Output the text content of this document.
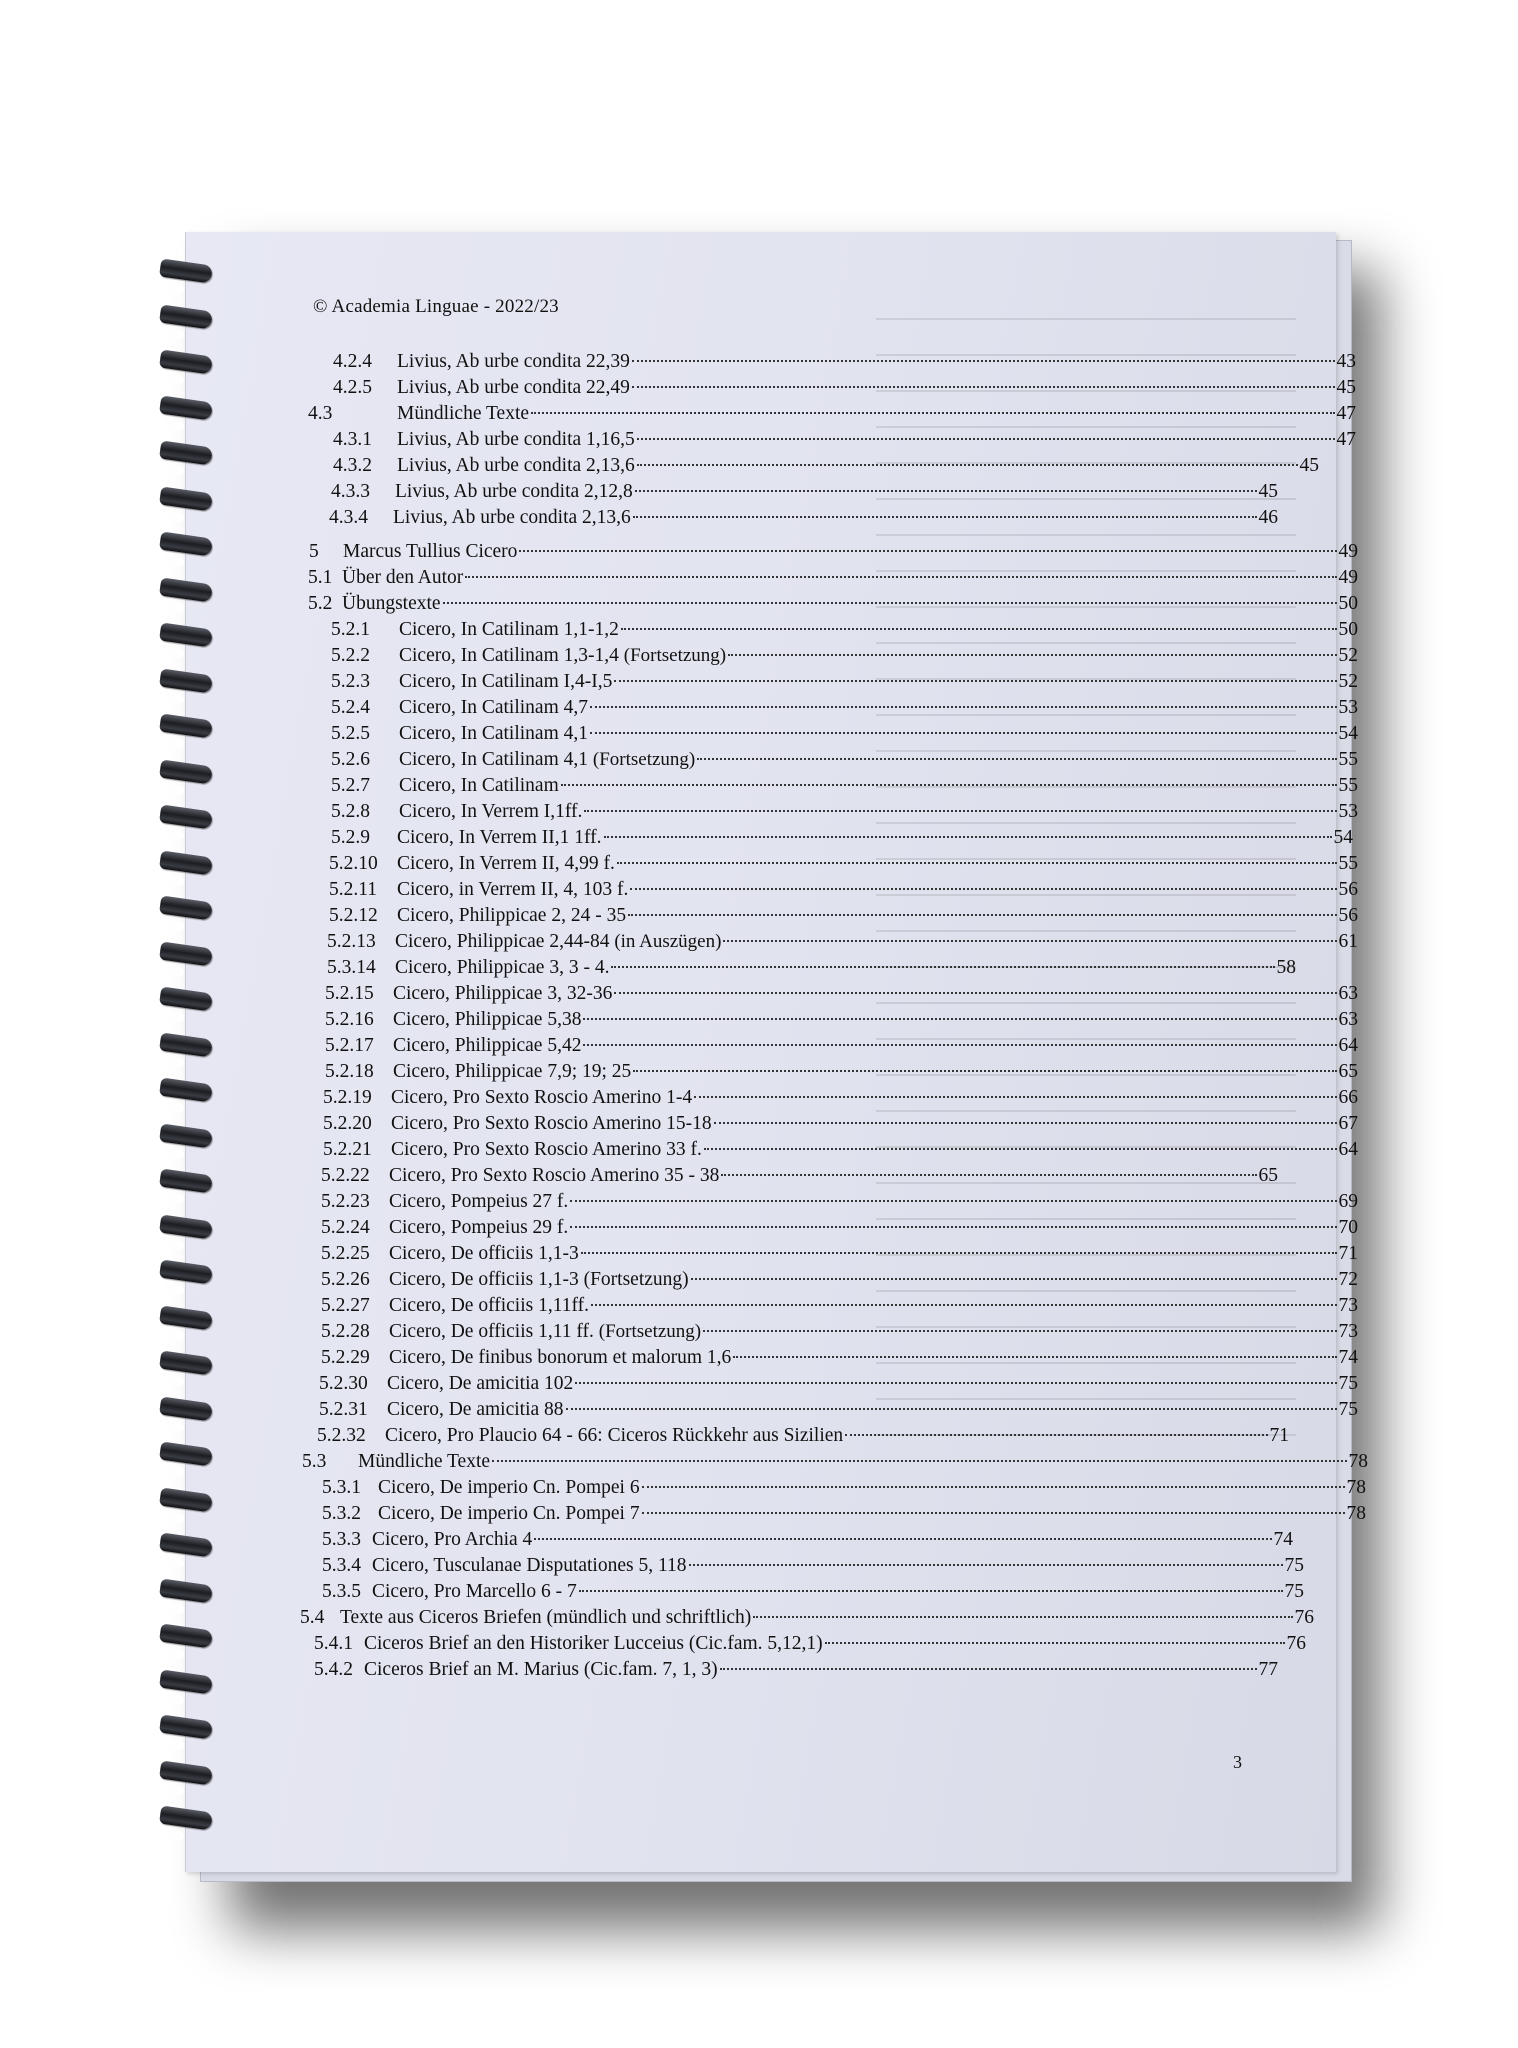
© Academia Linguae - 2022/23
4.2.4	Livius, Ab urbe condita 22,39	43
4.2.5	Livius, Ab urbe condita 22,49	45
4.3	Mündliche Texte	47
4.3.1	Livius, Ab urbe condita 1,16,5	47
4.3.2	Livius, Ab urbe condita 2,13,6	45
4.3.3	Livius, Ab urbe condita 2,12,8	45
4.3.4	Livius, Ab urbe condita 2,13,6	46
5	Marcus Tullius Cicero	49
5.1 Über den Autor	49
5.2 Übungstexte	50
5.2.1	Cicero, In Catilinam 1,1-1,2	50
5.2.2	Cicero, In Catilinam 1,3-1,4 (Fortsetzung)	52
5.2.3	Cicero, In Catilinam I,4-I,5	52
5.2.4	Cicero, In Catilinam 4,7	53
5.2.5	Cicero, In Catilinam 4,1	54
5.2.6	Cicero, In Catilinam 4,1 (Fortsetzung)	55
5.2.7	Cicero, In Catilinam	55
5.2.8	Cicero, In Verrem I,1ff.	53
5.2.9	Cicero, In Verrem II,1 1ff.	54
5.2.10 Cicero, In Verrem II, 4,99 f.	55
5.2.11	Cicero, in Verrem II, 4, 103 f.	56
5.2.12 Cicero, Philippicae 2, 24 - 35	56
5.2.13 Cicero, Philippicae 2,44-84 (in Auszügen)	61
5.3.14 Cicero, Philippicae 3, 3 - 4.	58
5.2.15 Cicero, Philippicae 3, 32-36	63
5.2.16 Cicero, Philippicae 5,38	63
5.2.17 Cicero, Philippicae 5,42	64
5.2.18 Cicero, Philippicae 7,9; 19; 25	65
5.2.19 Cicero, Pro Sexto Roscio Amerino 1-4	66
5.2.20 Cicero, Pro Sexto Roscio Amerino 15-18	67
5.2.21 Cicero, Pro Sexto Roscio Amerino 33 f.	64
5.2.22 Cicero, Pro Sexto Roscio Amerino 35 - 38	65
5.2.23 Cicero, Pompeius 27 f.	69
5.2.24 Cicero, Pompeius 29 f.	70
5.2.25 Cicero, De officiis 1,1-3	71
5.2.26 Cicero, De officiis 1,1-3 (Fortsetzung)	72
5.2.27 Cicero, De officiis 1,11ff.	73
5.2.28 Cicero, De officiis 1,11 ff. (Fortsetzung)	73
5.2.29 Cicero, De finibus bonorum et malorum 1,6	74
5.2.30 Cicero, De amicitia 102	75
5.2.31 Cicero, De amicitia 88	75
5.2.32 Cicero, Pro Plaucio 64 - 66: Ciceros Rückkehr aus Sizilien	71
5.3	Mündliche Texte	78
5.3.1 Cicero, De imperio Cn. Pompei 6	78
5.3.2 Cicero, De imperio Cn. Pompei 7	78
5.3.3 Cicero, Pro Archia 4	74
5.3.4 Cicero, Tusculanae Disputationes 5, 118	75
5.3.5 Cicero, Pro Marcello 6 - 7	75
5.4 Texte aus Ciceros Briefen (mündlich und schriftlich)	76
5.4.1 Ciceros Brief an den Historiker Lucceius (Cic.fam. 5,12,1)	76
5.4.2 Ciceros Brief an M. Marius (Cic.fam. 7, 1, 3)	77
3
